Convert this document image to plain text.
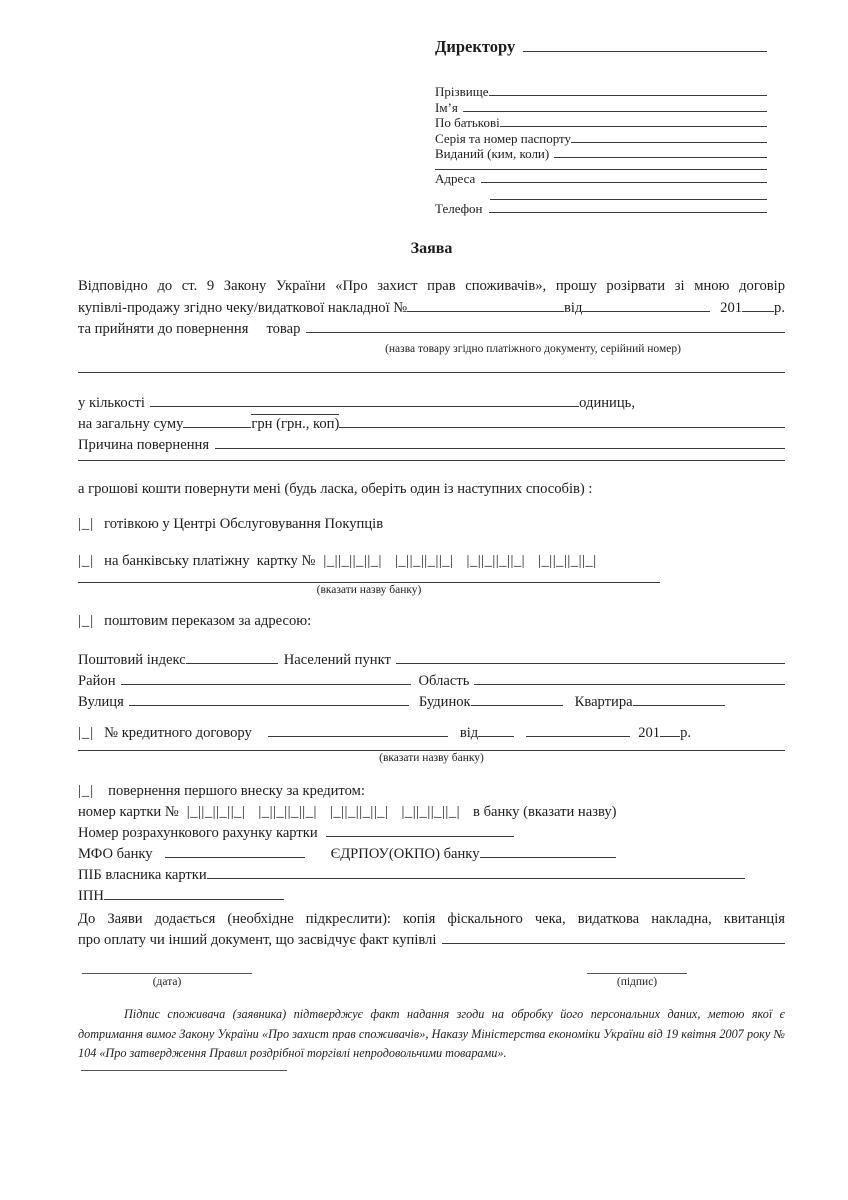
Директору
Прізвище
Ім’я
По батькові
Серія та номер паспорту
Виданий (ким, коли)
Адреса
Телефон
Заява
Відповідно до ст. 9 Закону України «Про захист прав споживачів», прошу розірвати зі мною договір
купівлі-продажу згідно чеку/видаткової накладної №	від	201 р.
та прийняти до повернення товар
(назва товару згідно платіжного документу, серійний номер)
у кількості	одиниць,
на загальну суму	грн (грн., коп)
Причина повернення
а грошові кошти повернути мені (будь ласка, оберіть один із наступних способів) :
|_| готівкою у Центрі Обслуговування Покупців
|_| на банківську платіжну  картку № |_||_||_||_| |_||_||_||_| |_||_||_||_| |_||_||_||_|
(вказати назву банку)
|_| поштовим переказом за адресою:
Поштовий індекс	Населений пункт
Район	Область
Вулиця	Будинок	Квартира
|_| № кредитного договору	від	201 р.
(вказати назву банку)
|_| повернення першого внеску за кредитом:
номер картки № |_||_||_||_| |_||_||_||_| |_||_||_||_| |_||_||_||_| в банку (вказати назву)
Номер розрахункового рахунку картки
МФО банку	ЄДРПОУ(ОКПО) банку
ПІБ власника картки
ІПН
До Заяви додається (необхідне підкреслити): копія фіскального чека, видаткова накладна, квитанція
про оплату чи інший документ, що засвідчує факт купівлі
(дата)	(підпис)
Підпис споживача (заявника) підтверджує факт надання згоди на обробку його персональних даних, метою якої є дотримання вимог Закону України «Про захист прав споживачів», Наказу Міністерства економіки України від 19 квітня 2007 року № 104 «Про затвердження Правил роздрібної торгівлі непродовольчими товарами».
